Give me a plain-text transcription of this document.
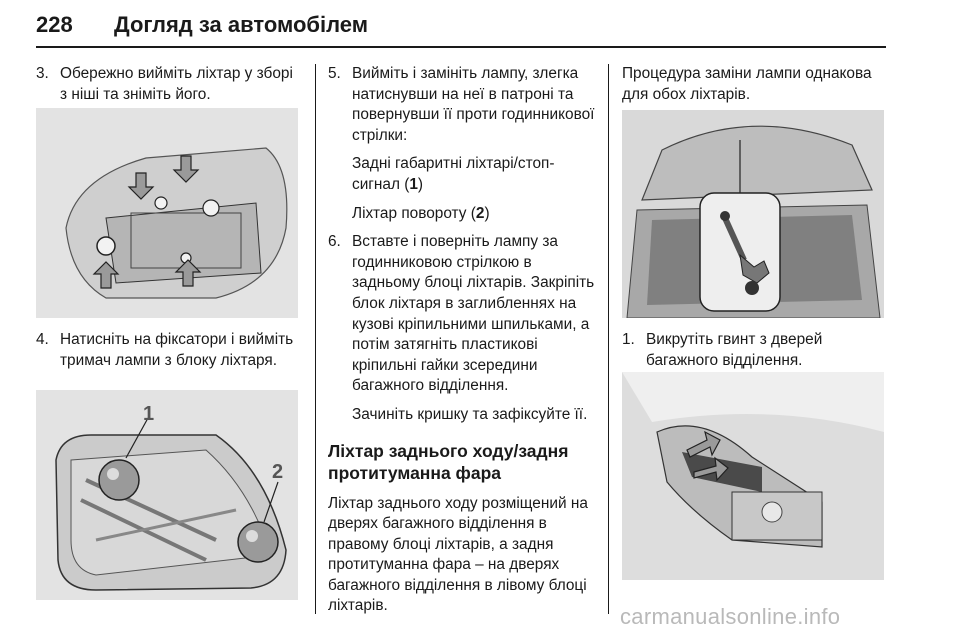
228 Догляд за автомобілем
3. Обережно вийміть ліхтар у зборі з ніші та зніміть його.
4. Натисніть на фіксатори і вийміть тримач лампи з блоку ліхтаря.
1
2
5. Вийміть і замініть лампу, злегка натиснувши на неї в патроні та повернувши її проти годинникової стрілки:
Задні габаритні ліхтарі/стоп-сигнал (1)
Ліхтар повороту (2)
6. Вставте і поверніть лампу за годинниковою стрілкою в задньому блоці ліхтарів. Закріпіть блок ліхтаря в заглибленнях на кузові кріпильними шпильками, а потім затягніть пластикові кріпильні гайки зсередини багажного відділення.
Зачиніть кришку та зафіксуйте її.
Ліхтар заднього ходу/задня протитуманна фара
Ліхтар заднього ходу розміщений на дверях багажного відділення в правому блоці ліхтарів, а задня протитуманна фара – на дверях багажного відділення в лівому блоці ліхтарів.
Процедура заміни лампи однакова для обох ліхтарів.
1. Викрутіть гвинт з дверей багажного відділення.
carmanualsonline.info
